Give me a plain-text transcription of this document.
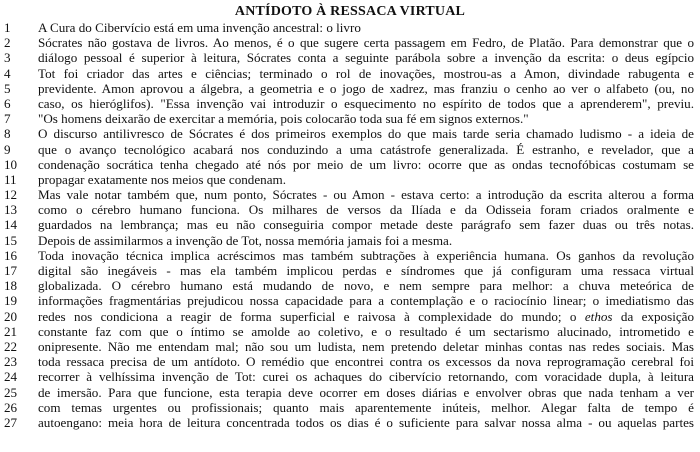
ANTÍDOTO À RESSACA VIRTUAL
1	A Cura do Cibervício está em uma invenção ancestral: o livro
2	Sócrates não gostava de livros. Ao menos, é o que sugere certa passagem em Fedro, de Platão. Para demonstrar que o
3	diálogo pessoal é superior à leitura, Sócrates conta a seguinte parábola sobre a invenção da escrita: o deus egípcio
4	Tot foi criador das artes e ciências; terminado o rol de inovações, mostrou-as a Amon, divindade rabugenta e
5	previdente. Amon aprovou a álgebra, a geometria e o jogo de xadrez, mas franziu o cenho ao ver o alfabeto (ou, no
6	caso, os hieróglifos). "Essa invenção vai introduzir o esquecimento no espírito de todos que a aprenderem", previu.
7	"Os homens deixarão de exercitar a memória, pois colocarão toda sua fé em signos externos."
8	O discurso antilivresco de Sócrates é dos primeiros exemplos do que mais tarde seria chamado ludismo - a ideia de
9	que o avanço tecnológico acabará nos conduzindo a uma catástrofe generalizada. É estranho, e revelador, que a
10	condenação socrática tenha chegado até nós por meio de um livro: ocorre que as ondas tecnofóbicas costumam se
11	propagar exatamente nos meios que condenam.
12	Mas vale notar também que, num ponto, Sócrates - ou Amon - estava certo: a introdução da escrita alterou a forma
13	como o cérebro humano funciona. Os milhares de versos da Ilíada e da Odisseia foram criados oralmente e
14	guardados na lembrança; mas eu não conseguiria compor metade deste parágrafo sem fazer duas ou três notas.
15	Depois de assimilarmos a invenção de Tot, nossa memória jamais foi a mesma.
16	Toda inovação técnica implica acréscimos mas também subtrações à experiência humana. Os ganhos da revolução
17	digital são inegáveis - mas ela também implicou perdas e síndromes que já configuram uma ressaca virtual
18	globalizada. O cérebro humano está mudando de novo, e nem sempre para melhor: a chuva meteórica de
19	informações fragmentárias prejudicou nossa capacidade para a contemplação e o raciocínio linear; o imediatismo das
20	redes nos condiciona a reagir de forma superficial e raivosa à complexidade do mundo; o ethos da exposição
21	constante faz com que o íntimo se amolde ao coletivo, e o resultado é um sectarismo alucinado, intrometido e
22	onipresente. Não me entendam mal; não sou um ludista, nem pretendo deletar minhas contas nas redes sociais. Mas
23	toda ressaca precisa de um antídoto. O remédio que encontrei contra os excessos da nova reprogramação cerebral foi
24	recorrer à velhíssima invenção de Tot: curei os achaques do cibervício retornando, com voracidade dupla, à leitura
25	de imersão. Para que funcione, esta terapia deve ocorrer em doses diárias e envolver obras que nada tenham a ver
26	com temas urgentes ou profissionais; quanto mais aparentemente inúteis, melhor. Alegar falta de tempo é
27	autoengano: meia hora de leitura concentrada todos os dias é o suficiente para salvar nossa alma - ou aquelas partes
